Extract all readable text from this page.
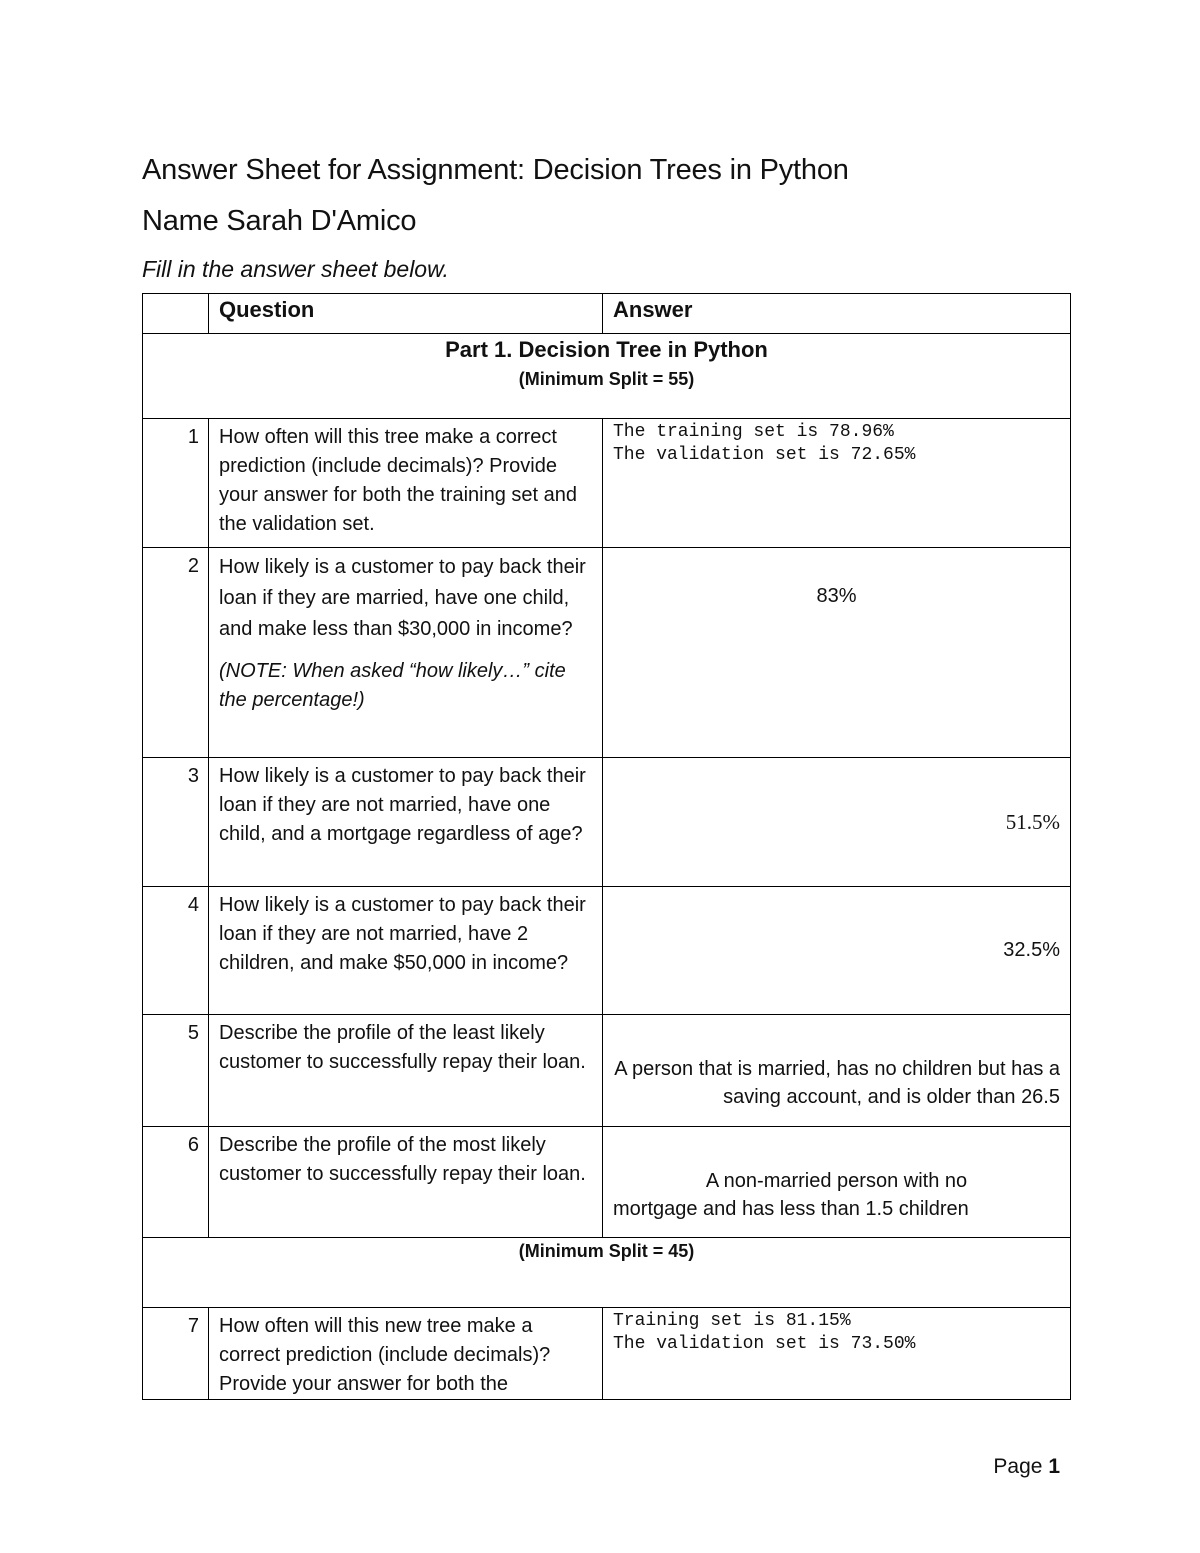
Answer Sheet for Assignment: Decision Trees in Python
Name Sarah D'Amico
Fill in the answer sheet below.
	Question	Answer

Part 1. Decision Tree in Python
(Minimum Split = 55)		

1	How often will this tree make a correct prediction (include decimals)? Provide your answer for both the training set and the validation set.	The training set is 78.96%
The validation set is 72.65%

2	How likely is a customer to pay back their loan if they are married, have one child, and make less than $30,000 in income?
(NOTE: When asked “how likely…” cite the percentage!)	83%
3	How likely is a customer to pay back their loan if they are not married, have one child, and a mortgage regardless of age?	51.5%
4	How likely is a customer to pay back their loan if they are not married, have 2 children, and make $50,000 in income?	32.5%
5	Describe the profile of the least likely customer to successfully repay their loan.	A person that is married, has no children but has a saving account, and is older than 26.5
6	Describe the profile of the most likely customer to successfully repay their loan.	A non-married person with no
mortgage and has less than 1.5 children

(Minimum Split = 45)		

7	How often will this new tree make a correct prediction (include decimals)? Provide your answer for both the	Training set is 81.15%
The validation set is 73.50%
Page 1
